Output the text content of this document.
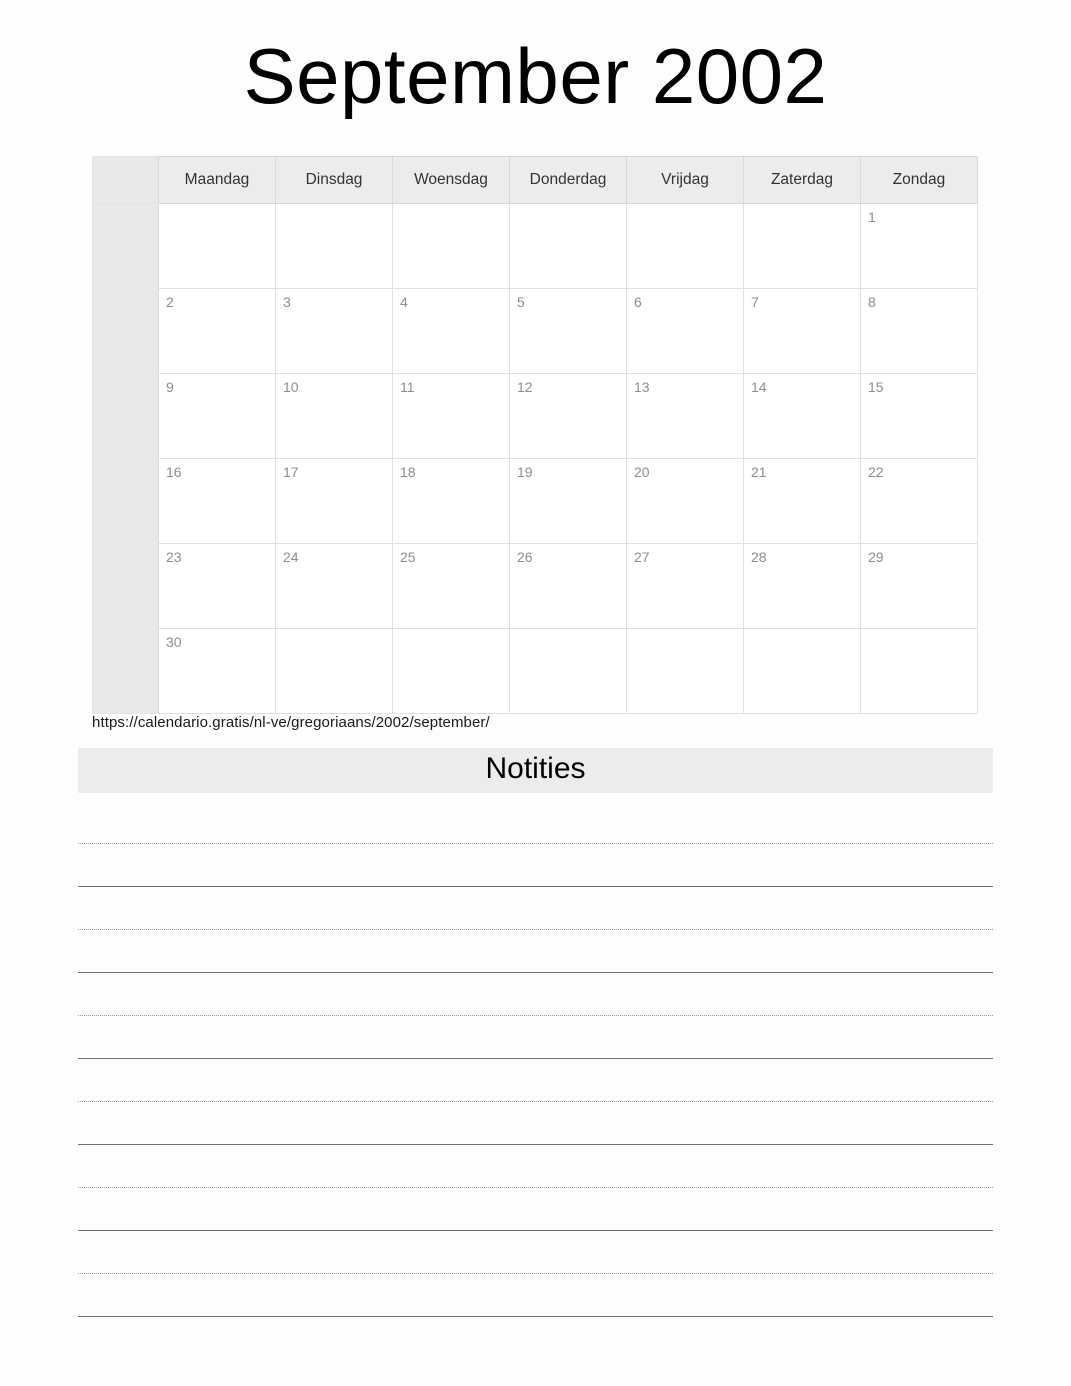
September 2002
	Maandag	Dinsdag	Woensdag	Donderdag	Vrijdag	Zaterdag	Zondag

							1

	2	3	4	5	6	7	8

	9	10	11	12	13	14	15

	16	17	18	19	20	21	22

	23	24	25	26	27	28	29

	30						

https://calendario.gratis/nl-ve/gregoriaans/2002/september/
Notities
